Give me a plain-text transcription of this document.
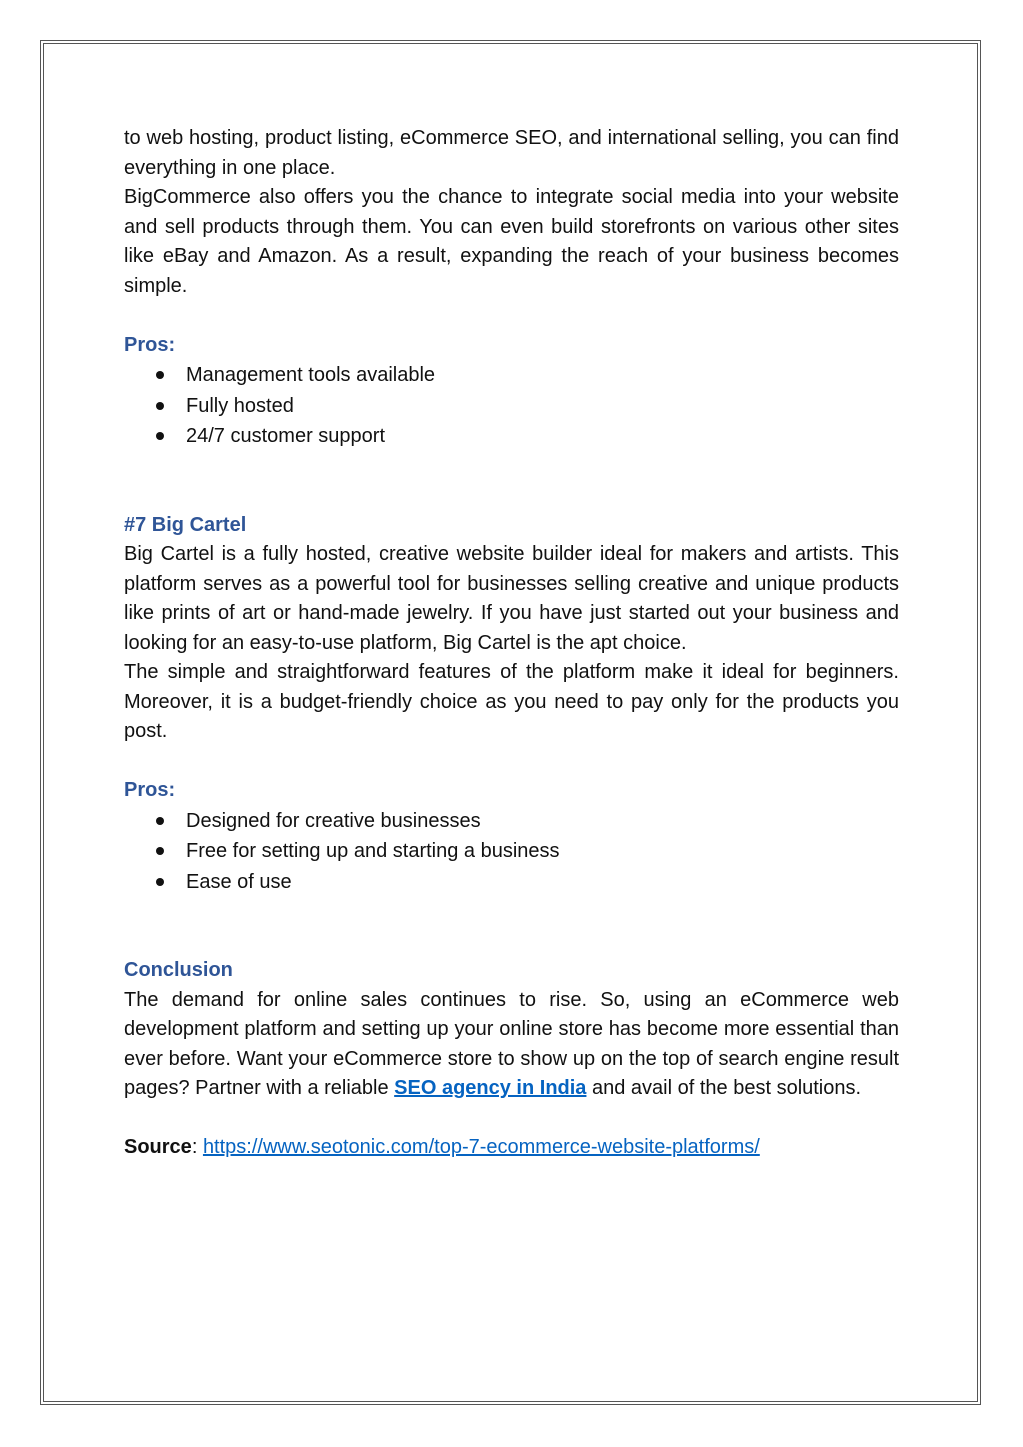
to web hosting, product listing, eCommerce SEO, and international selling, you can find everything in one place.

BigCommerce also offers you the chance to integrate social media into your website and sell products through them. You can even build storefronts on various other sites like eBay and Amazon. As a result, expanding the reach of your business becomes simple.

Pros:

Management tools available
Fully hosted
24/7 customer support

#7 Big Cartel

Big Cartel is a fully hosted, creative website builder ideal for makers and artists. This platform serves as a powerful tool for businesses selling creative and unique products like prints of art or hand-made jewelry. If you have just started out your business and looking for an easy-to-use platform, Big Cartel is the apt choice.

The simple and straightforward features of the platform make it ideal for beginners. Moreover, it is a budget-friendly choice as you need to pay only for the products you post.

Pros:

Designed for creative businesses
Free for setting up and starting a business
Ease of use

Conclusion

The demand for online sales continues to rise. So, using an eCommerce web development platform and setting up your online store has become more essential than ever before. Want your eCommerce store to show up on the top of search engine result pages? Partner with a reliable SEO agency in India and avail of the best solutions.

Source: https://www.seotonic.com/top-7-ecommerce-website-platforms/
